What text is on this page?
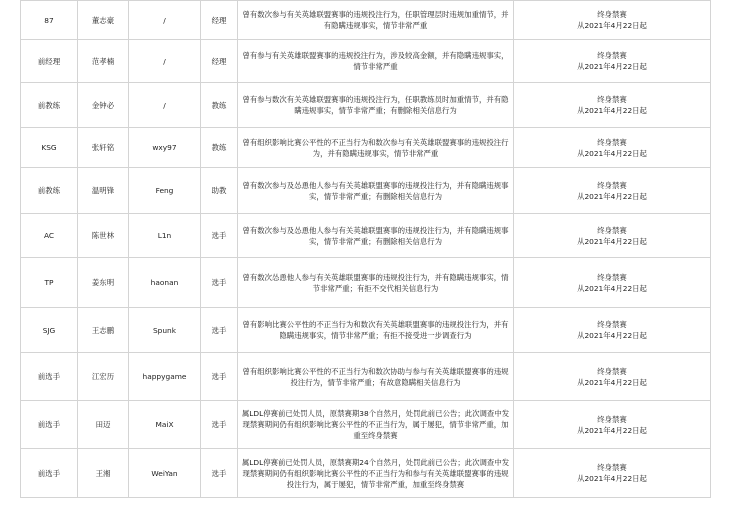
87	董志豪	/	经理	曾有数次参与有关英雄联盟赛事的违规投注行为，任职管理层时违规加重情节，并有隐瞒违规事实，情节非常严重	终身禁赛
从2021年4月22日起

前经理	范孝楠	/	经理	曾有参与有关英雄联盟赛事的违规投注行为，涉及较高金额，并有隐瞒违规事实，情节非常严重	终身禁赛
从2021年4月22日起

前教练	金钟必	/	教练	曾有参与数次有关英雄联盟赛事的违规投注行为，任职教练员时加重情节，并有隐瞒违规事实，情节非常严重；有删除相关信息行为	终身禁赛
从2021年4月22日起

KSG	张轩铭	wxy97	教练	曾有组织影响比赛公平性的不正当行为和数次参与有关英雄联盟赛事的违规投注行为，并有隐瞒违规事实，情节非常严重	终身禁赛
从2021年4月22日起

前教练	温明锋	Feng	助教	曾有数次参与及怂恿他人参与有关英雄联盟赛事的违规投注行为，并有隐瞒违规事实，情节非常严重；有删除相关信息行为	终身禁赛
从2021年4月22日起

AC	陈世林	L1n	选手	曾有数次参与及怂恿他人参与有关英雄联盟赛事的违规投注行为，并有隐瞒违规事实，情节非常严重；有删除相关信息行为	终身禁赛
从2021年4月22日起

TP	姜东明	haonan	选手	曾有数次怂恿他人参与有关英雄联盟赛事的违规投注行为，并有隐瞒违规事实，情节非常严重；有拒不交代相关信息行为	终身禁赛
从2021年4月22日起

SJG	王志鹏	Spunk	选手	曾有影响比赛公平性的不正当行为和数次有关英雄联盟赛事的违规投注行为，并有隐瞒违规事实，情节非常严重；有拒不接受进一步调查行为	终身禁赛
从2021年4月22日起

前选手	江宏历	happygame	选手	曾有组织影响比赛公平性的不正当行为和数次协助与参与有关英雄联盟赛事的违规投注行为，情节非常严重；有故意隐瞒相关信息行为	终身禁赛
从2021年4月22日起

前选手	田迈	MaiX	选手	属LDL停赛前已处罚人员，原禁赛期38个自然月，处罚此前已公告；此次调查中发现禁赛期间仍有组织影响比赛公平性的不正当行为，属于屡犯，情节非常严重，加重至终身禁赛	终身禁赛
从2021年4月22日起

前选手	王湘	WeiYan	选手	属LDL停赛前已处罚人员，原禁赛期24个自然月，处罚此前已公告；此次调查中发现禁赛期间仍有组织影响比赛公平性的不正当行为和参与有关英雄联盟赛事的违规投注行为，属于屡犯，情节非常严重，加重至终身禁赛	终身禁赛
从2021年4月22日起
